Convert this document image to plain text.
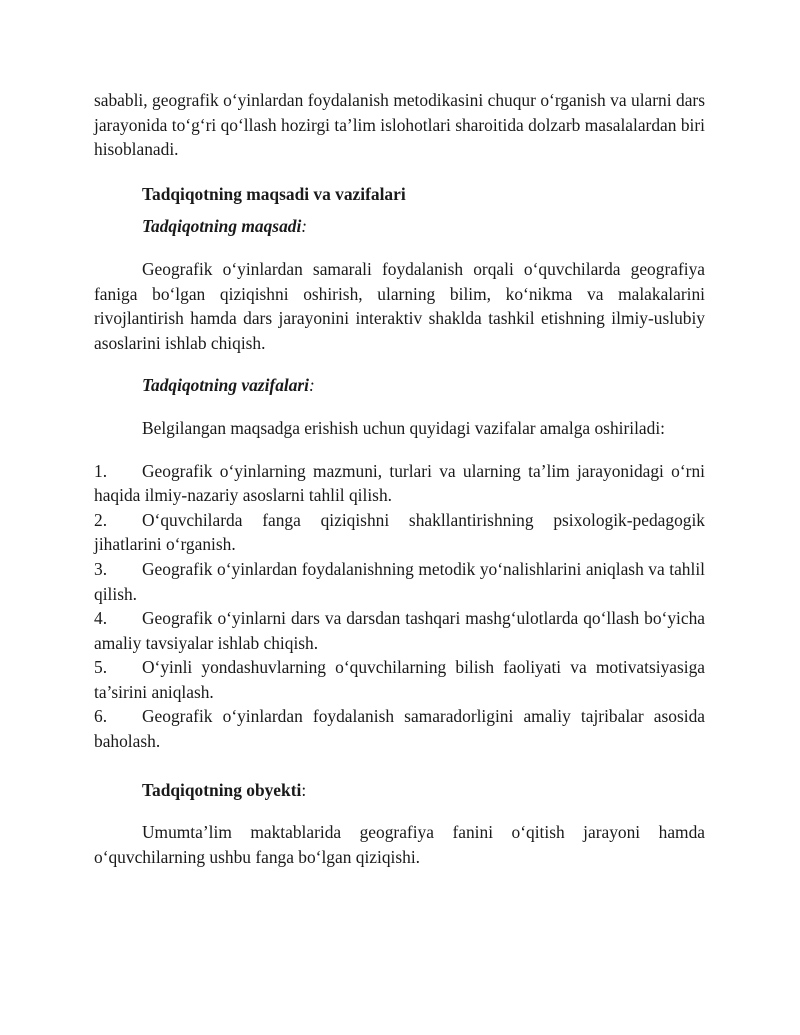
sababli, geografik o‘yinlardan foydalanish metodikasini chuqur o‘rganish va ularni dars jarayonida to‘g‘ri qo‘llash hozirgi ta’lim islohotlari sharoitida dolzarb masalalardan biri hisoblanadi.

Tadqiqotning maqsadi va vazifalari

Tadqiqotning maqsadi:

Geografik o‘yinlardan samarali foydalanish orqali o‘quvchilarda geografiya faniga bo‘lgan qiziqishni oshirish, ularning bilim, ko‘nikma va malakalarini rivojlantirish hamda dars jarayonini interaktiv shaklda tashkil etishning ilmiy-uslubiy asoslarini ishlab chiqish.

Tadqiqotning vazifalari:

Belgilangan maqsadga erishish uchun quyidagi vazifalar amalga oshiriladi:

1. Geografik o‘yinlarning mazmuni, turlari va ularning ta’lim jarayonidagi o‘rni haqida ilmiy-nazariy asoslarni tahlil qilish.
2. O‘quvchilarda fanga qiziqishni shakllantirishning psixologik-pedagogik jihatlarini o‘rganish.
3. Geografik o‘yinlardan foydalanishning metodik yo‘nalishlarini aniqlash va tahlil qilish.
4. Geografik o‘yinlarni dars va darsdan tashqari mashg‘ulotlarda qo‘llash bo‘yicha amaliy tavsiyalar ishlab chiqish.
5. O‘yinli yondashuvlarning o‘quvchilarning bilish faoliyati va motivatsiyasiga ta’sirini aniqlash.
6. Geografik o‘yinlardan foydalanish samaradorligini amaliy tajribalar asosida baholash.

Tadqiqotning obyekti:

Umumta’lim maktablarida geografiya fanini o‘qitish jarayoni hamda o‘quvchilarning ushbu fanga bo‘lgan qiziqishi.
